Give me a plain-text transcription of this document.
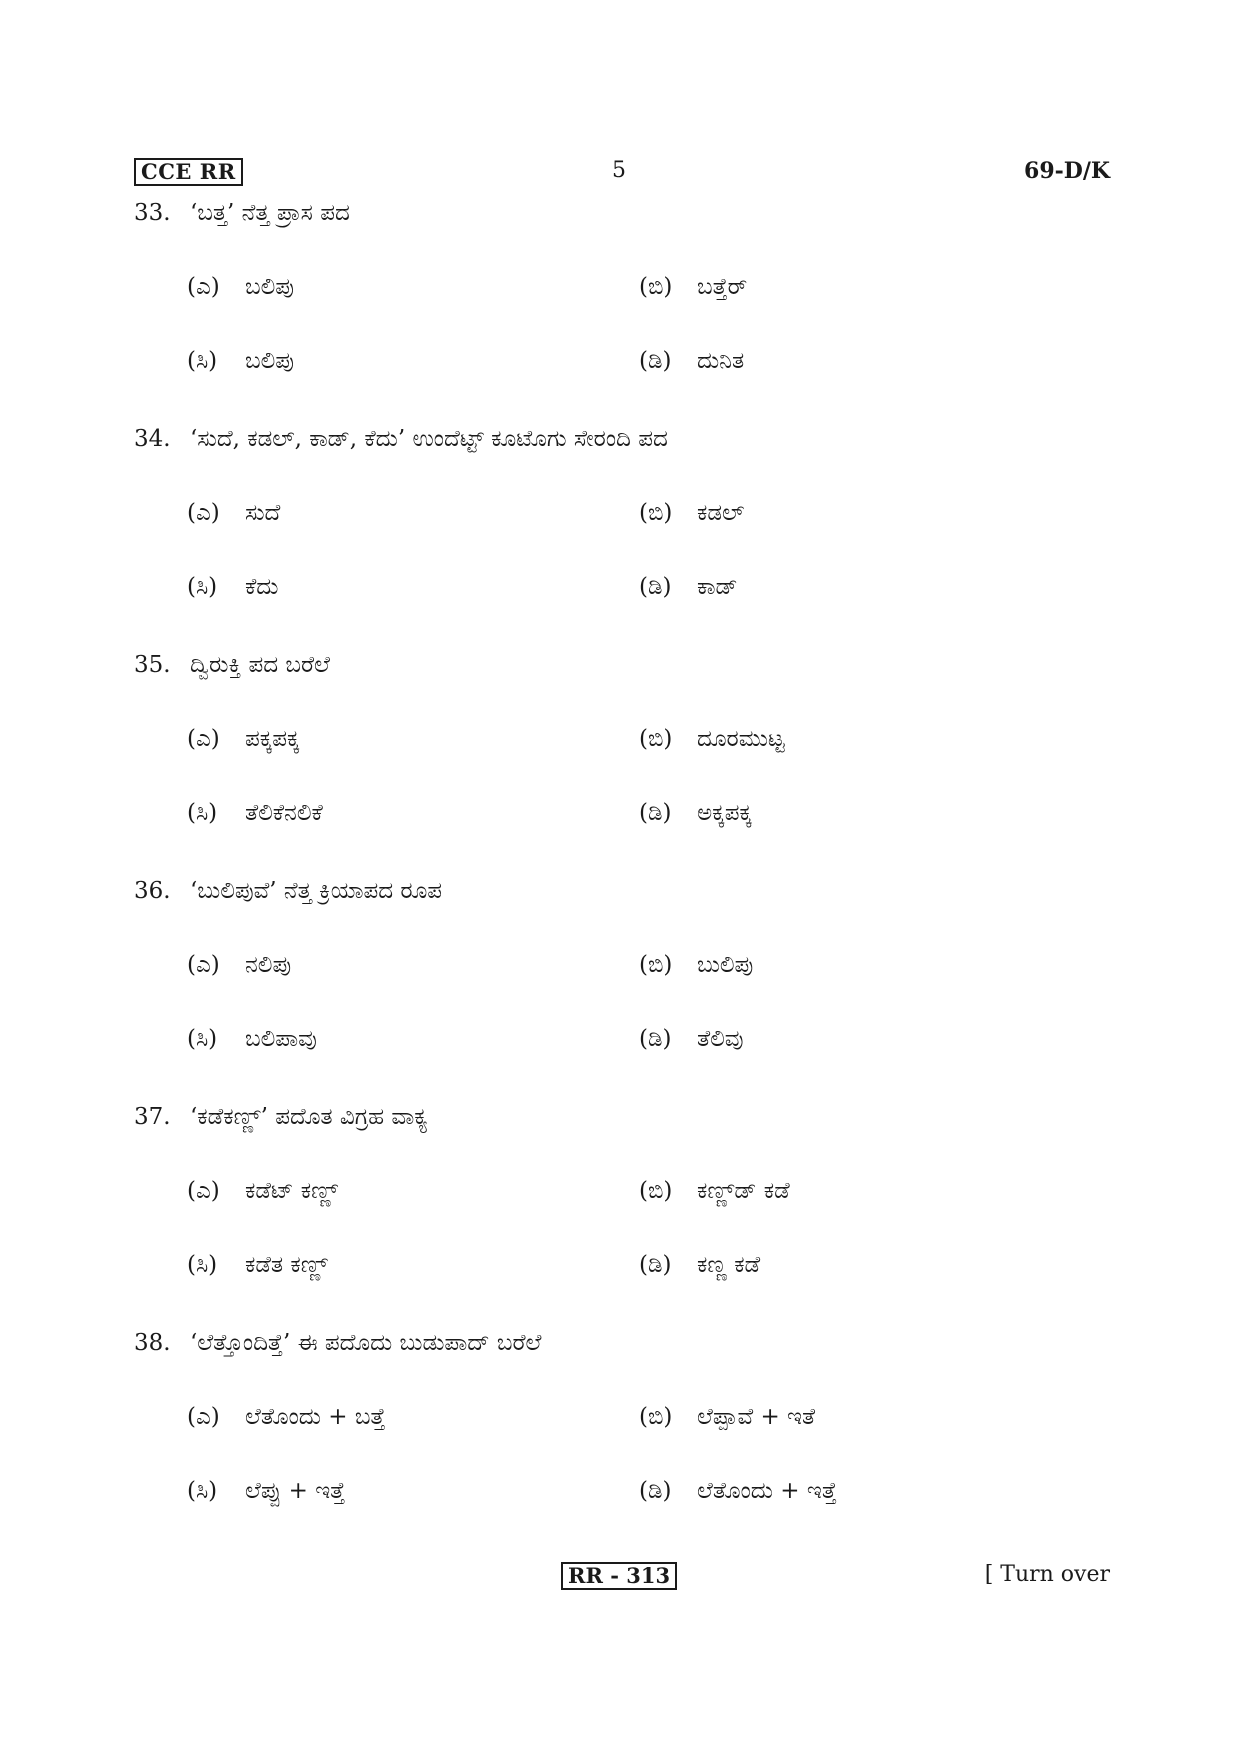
CCE RR	5	69-D/K
33. ‘ಬತ್ತ’ ನೆತ್ತ ಪ್ರಾಸ ಪದ
(ಎ) ಬಲಿಪು	(ಬಿ) ಬತ್ತೆರ್
(ಸಿ) ಬಲಿಪು	(ಡಿ) ದುನಿತ
34. ‘ಸುದೆ, ಕಡಲ್, ಕಾಡ್, ಕೆದು’ ಉಂದೆಟ್ಟ್ ಕೂಟೊಗು ಸೇರಂದಿ ಪದ
(ಎ) ಸುದೆ	(ಬಿ) ಕಡಲ್
(ಸಿ) ಕೆದು	(ಡಿ) ಕಾಡ್
35. ದ್ವಿರುಕ್ತಿ ಪದ ಬರೆಲೆ
(ಎ) ಪಕ್ಕಪಕ್ಕ	(ಬಿ) ದೂರಮುಟ್ಟ
(ಸಿ) ತೆಲಿಕೆನಲಿಕೆ	(ಡಿ) ಅಕ್ಕಪಕ್ಕ
36. ‘ಬುಲಿಪುವೆ’ ನೆತ್ತ ಕ್ರಿಯಾಪದ ರೂಪ
(ಎ) ನಲಿಪು	(ಬಿ) ಬುಲಿಪು
(ಸಿ) ಬಲಿಪಾವು	(ಡಿ) ತೆಲಿವು
37. ‘ಕಡೆಕಣ್ಣ್’ ಪದೊತ ವಿಗ್ರಹ ವಾಕ್ಯ
(ಎ) ಕಡೆಟ್ ಕಣ್ಣ್	(ಬಿ) ಕಣ್ಣ್‌ಡ್ ಕಡೆ
(ಸಿ) ಕಡೆತ ಕಣ್ಣ್	(ಡಿ) ಕಣ್ಣ ಕಡೆ
38. ‘ಲೆತ್ತೊಂದಿತ್ತೆ’ ಈ ಪದೊದು ಬುಡುಪಾದ್ ಬರೆಲೆ
(ಎ) ಲೆತೊಂದು + ಬತ್ತೆ	(ಬಿ) ಲೆಪ್ಪಾವೆ + ಇತೆ
(ಸಿ) ಲೆಪ್ಪು + ಇತ್ತೆ	(ಡಿ) ಲೆತೊಂದು + ಇತ್ತೆ
RR - 313	[ Turn over
